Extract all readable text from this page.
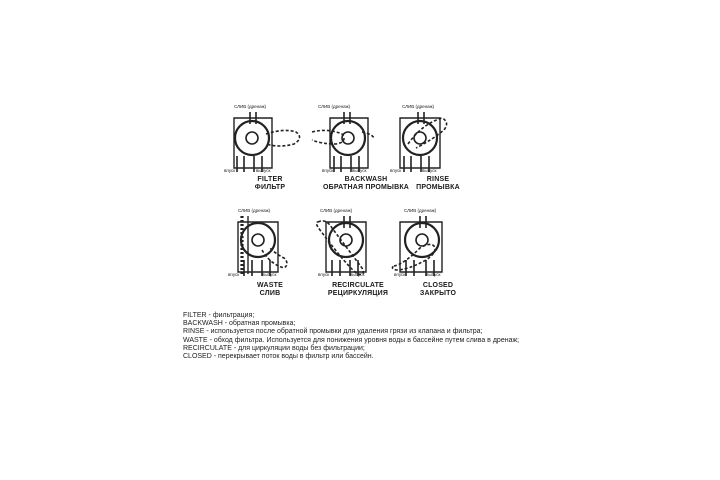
СЛИВ (дренаж)
впуск	выпуск
FILTER
ФИЛЬТР
СЛИВ (дренаж)
впуск	выпуск
BACKWASH
ОБРАТНАЯ ПРОМЫВКА
СЛИВ (дренаж)
впуск	выпуск
RINSE
ПРОМЫВКА
СЛИВ (дренаж)
впуск	выпуск
WASTE
СЛИВ
СЛИВ (дренаж)
впуск	выпуск
RECIRCULATE
РЕЦИРКУЛЯЦИЯ
СЛИВ (дренаж)
впуск	выпуск
CLOSED
ЗАКРЫТО
FILTER - фильтрация;
BACKWASH - обратная промывка;
RINSE - используется после обратной промывки для удаления грязи из клапана и фильтра;
WASTE - обход фильтра. Используется для понижения уровня воды в бассейне путем слива в дренаж;
RECIRCULATE - для циркуляции воды без фильтрации;
CLOSED - перекрывает поток воды в фильтр или бассейн.
